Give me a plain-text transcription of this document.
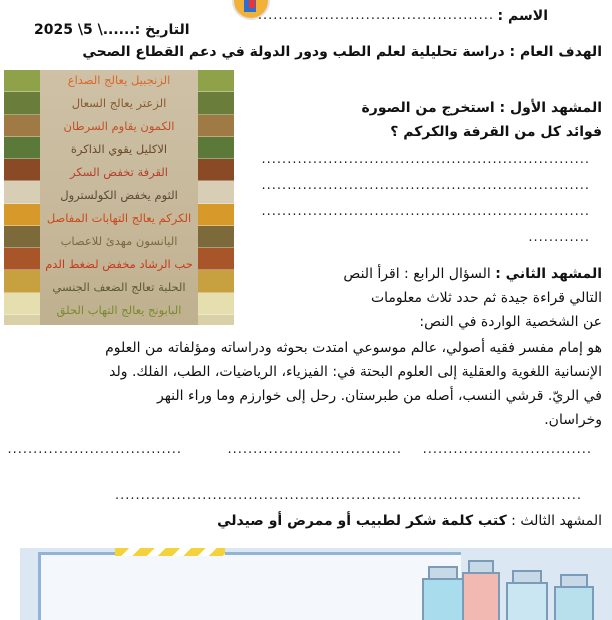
الاسم :
..............................................
التاريخ :......\ 5\ 2025
الهدف العام : دراسة تحليلية لعلم الطب ودور الدولة في دعم القطاع الصحي
الزنجبيل يعالج الصداع
الزعتر يعالج السعال
الكمون يقاوم السرطان
الاكليل يقوي الذاكرة
القرفة تخفض السكر
الثوم يخفض الكولسترول
الكركم يعالج التهابات المفاصل
اليانسون مهدئ للاعصاب
حب الرشاد مخفض لضغط الدم
الحلبة تعالج الضعف الجنسي
البابونج يعالج التهاب الحلق
المشهد الأول : استخرج من الصورة
فوائد كل من القرفة والكركم ؟
................................................................
................................................................
................................................................
............
المشهد الثاني : السؤال الرابع : اقرأ النص
التالي قراءة جيدة ثم حدد ثلاث معلومات
عن الشخصية الواردة في النص:
هو إمام مفسر فقيه أصولي، عالم موسوعي امتدت بحوثه ودراساته ومؤلفاته من العلوم
الإنسانية اللغوية والعقلية إلى العلوم البحتة في: الفيزياء، الرياضيات، الطب، الفلك. ولد
في الريّ. قرشي النسب، أصله من طبرستان. رحل إلى خوارزم وما وراء النهر
وخراسان.
..................................	.................................. .................................
...........................................................................................
المشهد الثالث : كتب كلمة شكر لطبيب أو ممرض أو صيدلي
